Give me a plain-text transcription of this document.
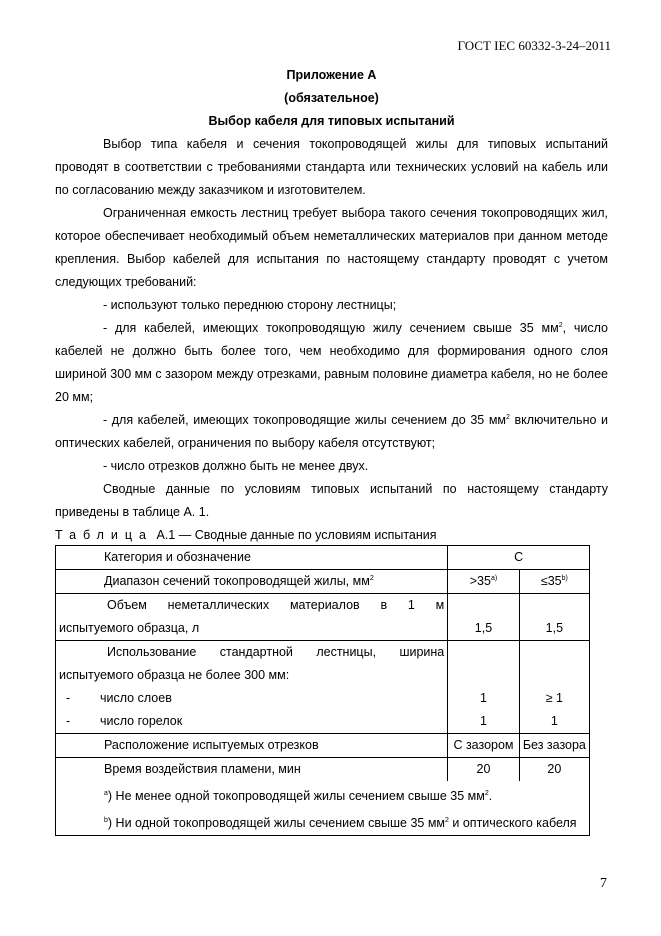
ГОСТ IEC 60332-3-24–2011
Приложение А
(обязательное)
Выбор кабеля для типовых испытаний

Выбор типа кабеля и сечения токопроводящей жилы для типовых испытаний проводят в соответствии с требованиями стандарта или технических условий на кабель или по согласованию между заказчиком и изготовителем.

Ограниченная емкость лестниц требует выбора такого сечения токопроводящих жил, которое обеспечивает необходимый объем неметаллических материалов при данном методе крепления. Выбор кабелей для испытания по настоящему стандарту проводят с учетом следующих требований:

- используют только переднюю сторону лестницы;

- для кабелей, имеющих токопроводящую жилу сечением свыше 35 $мм^2$, число кабелей не должно быть более того, чем необходимо для формирования одного слоя шириной 300 мм с зазором между отрезками, равным половине диаметра кабеля, но не более 20 мм;

- для кабелей, имеющих токопроводящие жилы сечением до 35 $мм^2$ включительно и оптических кабелей, ограничения по выбору кабеля отсутствуют;

- число отрезков должно быть не менее двух.

Сводные данные по условиям типовых испытаний по настоящему стандарту приведены в таблице А. 1.

Таблица А.1 — Сводные данные по условиям испытания
Категория и обозначение	С	
Диапазон сечений токопроводящей жилы, $мм^2$	$>35^{а)}$	$\le 35^{b)}$

Объем неметаллических материалов в 1 м
испытуемого образца, л	1,5	1,5

Использование стандартной лестницы, ширина
испытуемого образца не более 300 мм:		

- число слоев	1	≥ 1
- число горелок	1	1
Расположение испытуемых отрезков	С зазором	Без зазора
Время воздействия пламени, мин	20	20
$^а$) Не менее одной токопроводящей жилы сечением свыше 35 $мм^2$.		
$^b$) Ни одной токопроводящей жилы сечением свыше 35 $мм^2$ и оптического кабеля		
7
